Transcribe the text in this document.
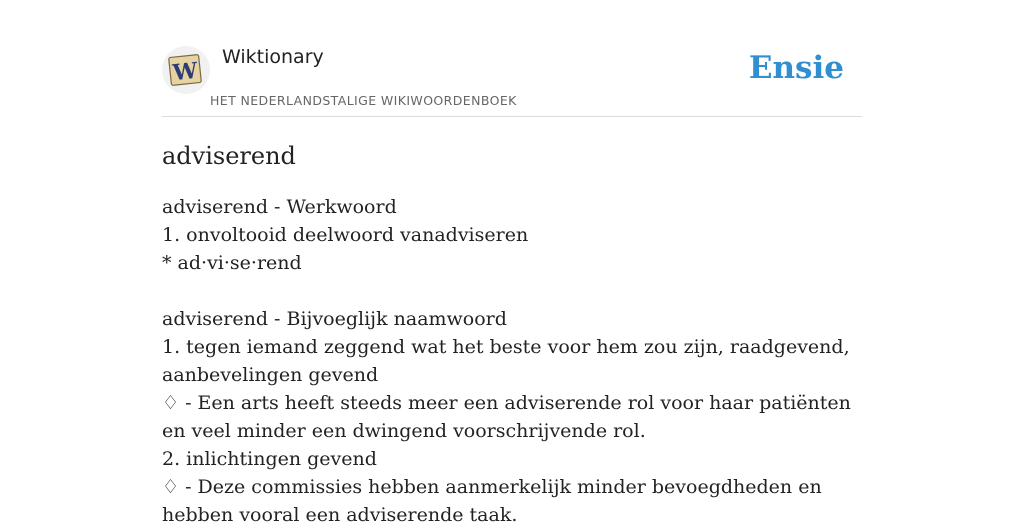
W
Wiktionary
HET NEDERLANDSTALIGE WIKIWOORDENBOEK
Ensie
adviserend
adviserend - Werkwoord
1. onvoltooid deelwoord vanadviseren
* ad·vi·se·rend
adviserend - Bijvoeglijk naamwoord
1. tegen iemand zeggend wat het beste voor hem zou zijn, raadgevend, aanbevelingen gevend
♢ - Een arts heeft steeds meer een adviserende rol voor haar patiënten en veel minder een dwingend voorschrijvende rol.
2. inlichtingen gevend
♢ - Deze commissies hebben aanmerkelijk minder bevoegdheden en hebben vooral een adviserende taak.
